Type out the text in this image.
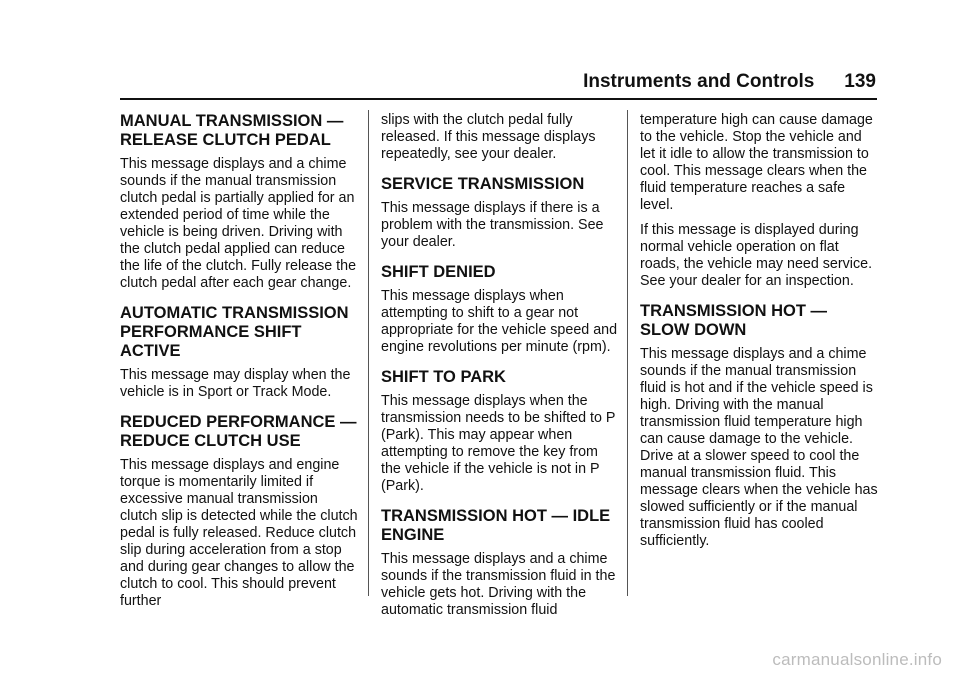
Instruments and Controls 139
MANUAL TRANSMISSION — RELEASE CLUTCH PEDAL

This message displays and a chime sounds if the manual transmission clutch pedal is partially applied for an extended period of time while the vehicle is being driven. Driving with the clutch pedal applied can reduce the life of the clutch. Fully release the clutch pedal after each gear change.

AUTOMATIC TRANSMISSION PERFORMANCE SHIFT ACTIVE

This message may display when the vehicle is in Sport or Track Mode.

REDUCED PERFORMANCE — REDUCE CLUTCH USE

This message displays and engine torque is momentarily limited if excessive manual transmission clutch slip is detected while the clutch pedal is fully released. Reduce clutch slip during acceleration from a stop and during gear changes to allow the clutch to cool. This should prevent further

slips with the clutch pedal fully released. If this message displays repeatedly, see your dealer.

SERVICE TRANSMISSION

This message displays if there is a problem with the transmission. See your dealer.

SHIFT DENIED

This message displays when attempting to shift to a gear not appropriate for the vehicle speed and engine revolutions per minute (rpm).

SHIFT TO PARK

This message displays when the transmission needs to be shifted to P (Park). This may appear when attempting to remove the key from the vehicle if the vehicle is not in P (Park).

TRANSMISSION HOT — IDLE ENGINE

This message displays and a chime sounds if the transmission fluid in the vehicle gets hot. Driving with the automatic transmission fluid

temperature high can cause damage to the vehicle. Stop the vehicle and let it idle to allow the transmission to cool. This message clears when the fluid temperature reaches a safe level.

If this message is displayed during normal vehicle operation on flat roads, the vehicle may need service. See your dealer for an inspection.

TRANSMISSION HOT — SLOW DOWN

This message displays and a chime sounds if the manual transmission fluid is hot and if the vehicle speed is high. Driving with the manual transmission fluid temperature high can cause damage to the vehicle. Drive at a slower speed to cool the manual transmission fluid. This message clears when the vehicle has slowed sufficiently or if the manual transmission fluid has cooled sufficiently.

carmanualsonline.info
